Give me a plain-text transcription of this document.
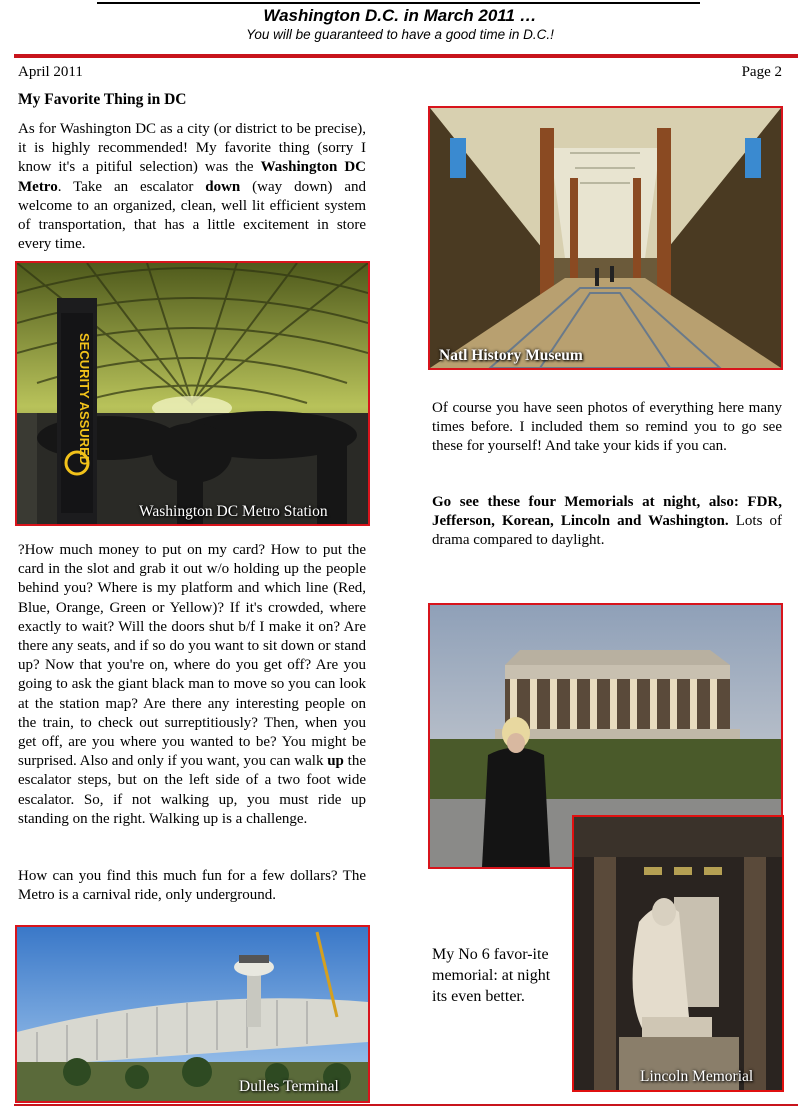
Washington D.C. in March 2011 …
You will be guaranteed to have a good time in D.C.!
April 2011	Page 2
My Favorite Thing in DC

As for Washington DC as a city (or district to be precise), it is highly recommended! My favorite thing (sorry I know it's a pitiful selection) was the Washington DC Metro. Take an escalator down (way down) and welcome to an organized, clean, well lit efficient system of transportation, that has a little excitement in store every time.

SECURITY ASSURED
Washington DC Metro Station

?How much money to put on my card? How to put the card in the slot and grab it out w/o holding up the people behind you? Where is my platform and which line (Red, Blue, Orange, Green or Yellow)? If it's crowded, where exactly to wait? Will the doors shut b/f I make it on? Are there any seats, and if so do you want to sit down or stand up? Now that you're on, where do you get off? Are you going to ask the giant black man to move so you can look at the station map? Are there any interesting people on the train, to check out surreptitiously? Then, when you get off, are you where you wanted to be? You might be surprised. Also and only if you want, you can walk up the escalator steps, but on the left side of a two foot wide escalator. So, if not walking up, you must ride up standing on the right. Walking up is a challenge.

How can you find this much fun for a few dollars? The Metro is a carnival ride, only underground.

Dulles Terminal
Natl History Museum

Of course you have seen photos of everything here many times before. I included them so remind you to go see these for yourself! And take your kids if you can.

Go see these four Memorials at night, also: FDR, Jefferson, Korean, Lincoln and Washington. Lots of drama compared to daylight.

Lincoln Memorial
My No 6 favor-ite memorial: at night its even better.
